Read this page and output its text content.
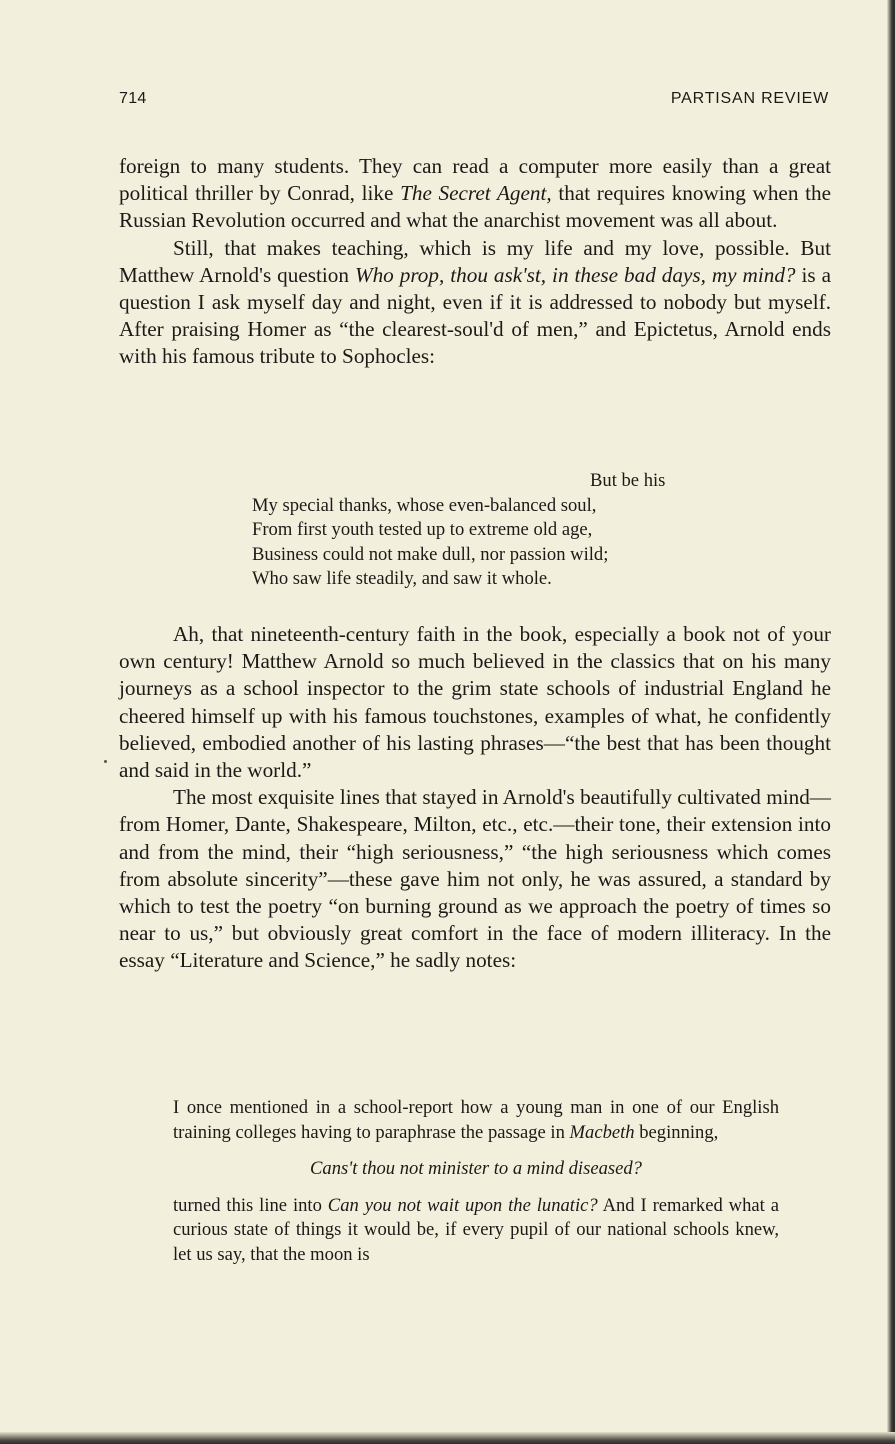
714	PARTISAN REVIEW

foreign to many students. They can read a computer more easily than a great political thriller by Conrad, like The Secret Agent, that requires knowing when the Russian Revolution occurred and what the anarchist movement was all about.

Still, that makes teaching, which is my life and my love, possible. But Matthew Arnold's question Who prop, thou ask'st, in these bad days, my mind? is a question I ask myself day and night, even if it is addressed to nobody but myself. After praising Homer as “the clearest-soul'd of men,” and Epictetus, Arnold ends with his famous tribute to Sophocles:

But be his
My special thanks, whose even-balanced soul,
From first youth tested up to extreme old age,
Business could not make dull, nor passion wild;
Who saw life steadily, and saw it whole.

Ah, that nineteenth-century faith in the book, especially a book not of your own century! Matthew Arnold so much believed in the classics that on his many journeys as a school inspector to the grim state schools of industrial England he cheered himself up with his famous touchstones, examples of what, he confidently believed, embodied another of his lasting phrases—“the best that has been thought and said in the world.”

The most exquisite lines that stayed in Arnold's beautifully cultivated mind—from Homer, Dante, Shakespeare, Milton, etc., etc.—their tone, their extension into and from the mind, their “high seriousness,” “the high seriousness which comes from absolute sincerity”—these gave him not only, he was assured, a standard by which to test the poetry “on burning ground as we approach the poetry of times so near to us,” but obviously great comfort in the face of modern illiteracy. In the essay “Literature and Science,” he sadly notes:

I once mentioned in a school-report how a young man in one of our English training colleges having to paraphrase the passage in Macbeth beginning,

Cans't thou not minister to a mind diseased?

turned this line into Can you not wait upon the lunatic? And I remarked what a curious state of things it would be, if every pupil of our national schools knew, let us say, that the moon is
